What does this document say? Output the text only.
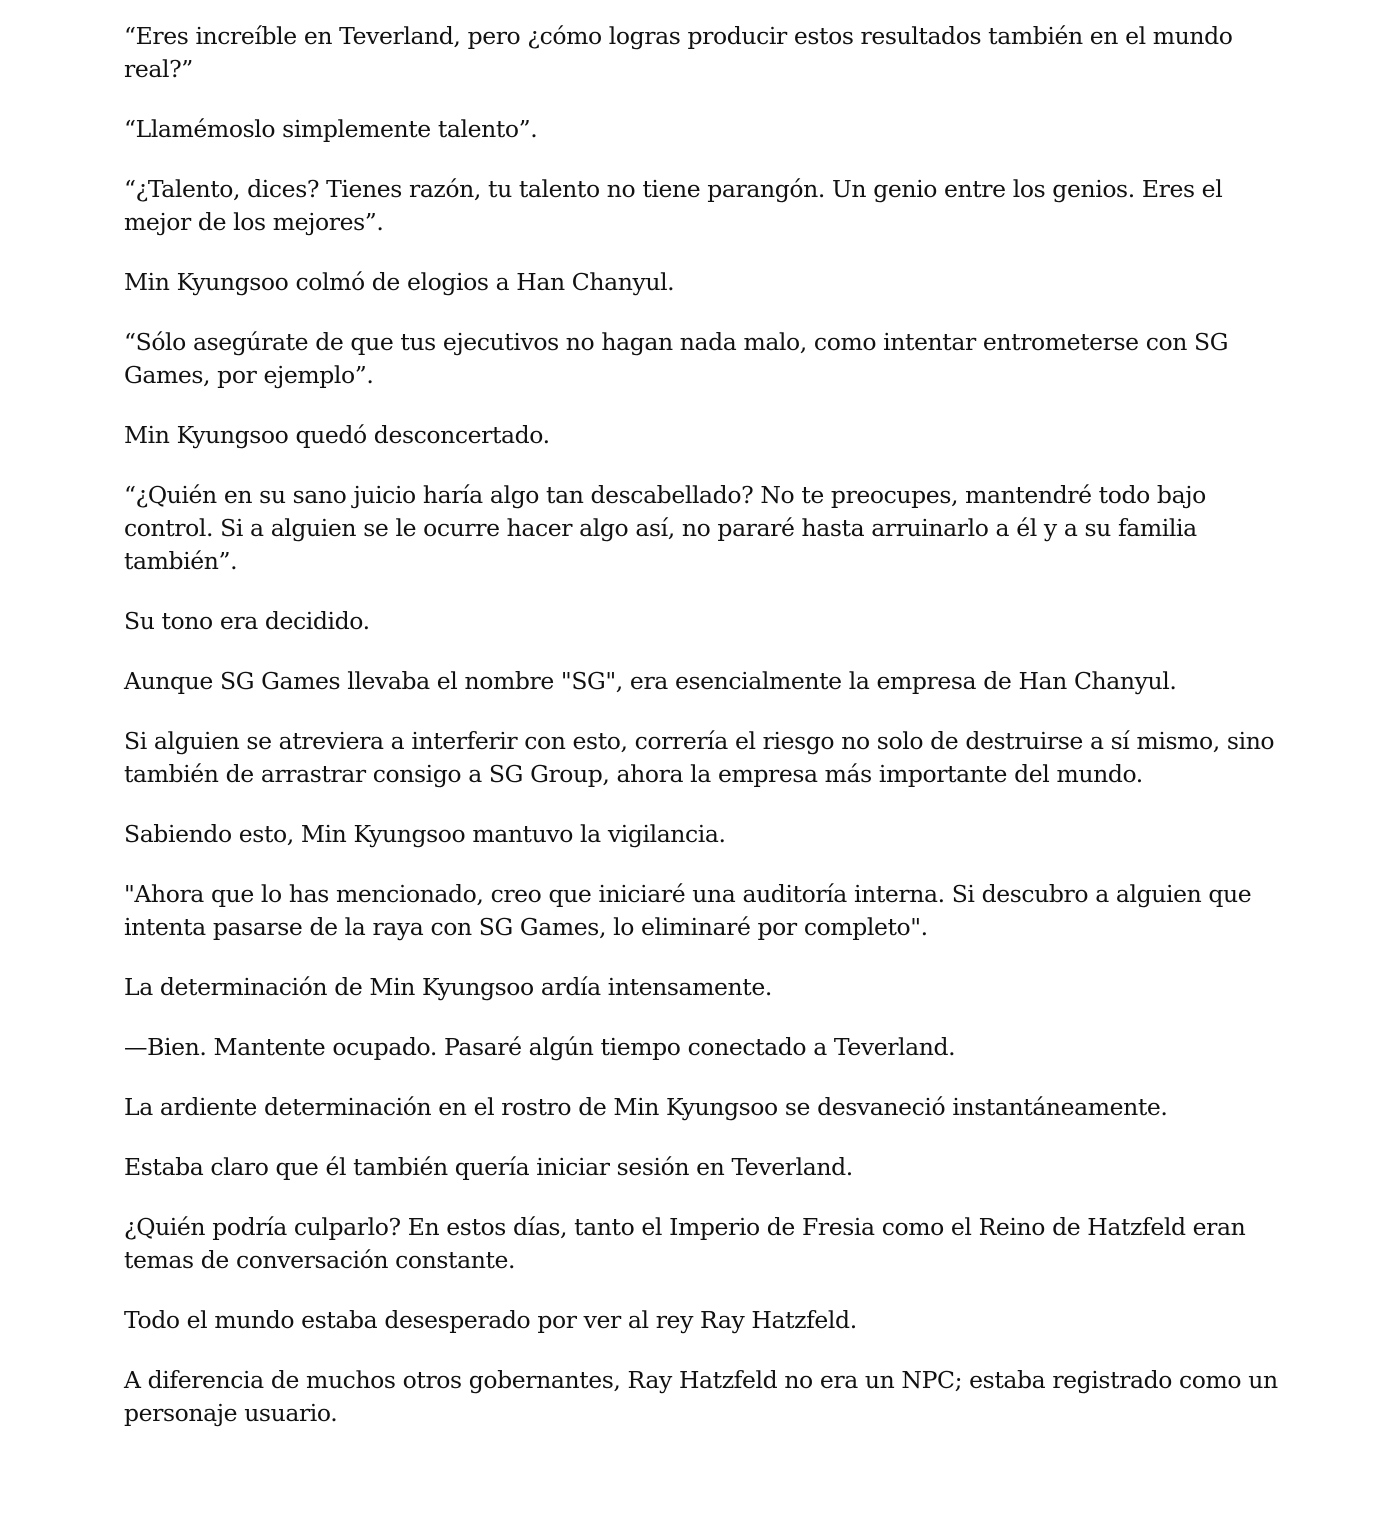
“Eres increíble en Teverland, pero ¿cómo logras producir estos resultados también en el mundo real?”

“Llamémoslo simplemente talento”.

“¿Talento, dices? Tienes razón, tu talento no tiene parangón. Un genio entre los genios. Eres el mejor de los mejores”.

Min Kyungsoo colmó de elogios a Han Chanyul.

“Sólo asegúrate de que tus ejecutivos no hagan nada malo, como intentar entrometerse con SG Games, por ejemplo”.

Min Kyungsoo quedó desconcertado.

“¿Quién en su sano juicio haría algo tan descabellado? No te preocupes, mantendré todo bajo control. Si a alguien se le ocurre hacer algo así, no pararé hasta arruinarlo a él y a su familia también”.

Su tono era decidido.

Aunque SG Games llevaba el nombre "SG", era esencialmente la empresa de Han Chanyul.

Si alguien se atreviera a interferir con esto, correría el riesgo no solo de destruirse a sí mismo, sino también de arrastrar consigo a SG Group, ahora la empresa más importante del mundo.

Sabiendo esto, Min Kyungsoo mantuvo la vigilancia.

"Ahora que lo has mencionado, creo que iniciaré una auditoría interna. Si descubro a alguien que intenta pasarse de la raya con SG Games, lo eliminaré por completo".

La determinación de Min Kyungsoo ardía intensamente.

—Bien. Mantente ocupado. Pasaré algún tiempo conectado a Teverland.

La ardiente determinación en el rostro de Min Kyungsoo se desvaneció instantáneamente.

Estaba claro que él también quería iniciar sesión en Teverland.

¿Quién podría culparlo? En estos días, tanto el Imperio de Fresia como el Reino de Hatzfeld eran temas de conversación constante.

Todo el mundo estaba desesperado por ver al rey Ray Hatzfeld.

A diferencia de muchos otros gobernantes, Ray Hatzfeld no era un NPC; estaba registrado como un personaje usuario.
